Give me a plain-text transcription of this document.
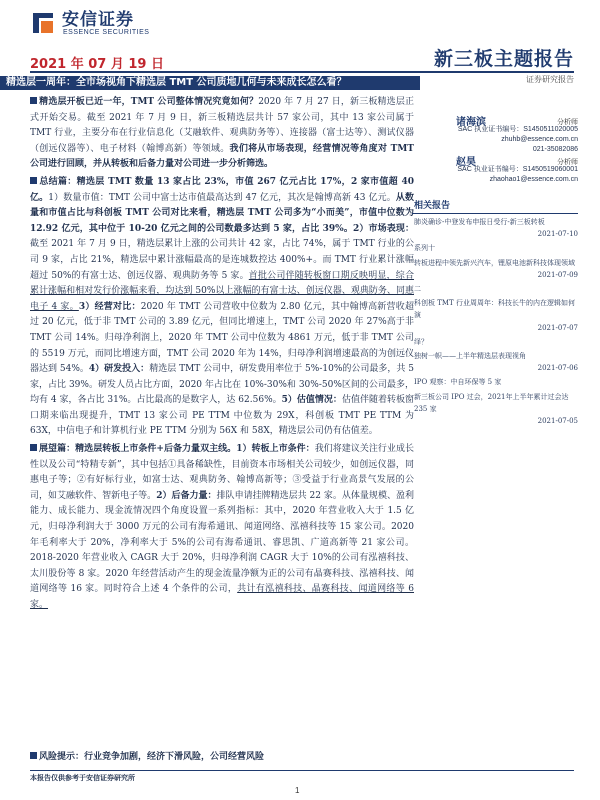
安信证券
ESSENCE SECURITIES
2021 年 07 月 19 日	新三板主题报告
证券研究报告
精选层一周年：全市场视角下精选层 TMT 公司质地几何与未来成长怎么看？

精选层开板已近一年，TMT 公司整体情况究竟如何？2020 年 7 月 27 日，新三板精选层正式开始交易。截至 2021 年 7 月 9 日，新三板精选层共计 57 家公司，其中 13 家公司属于 TMT 行业，主要分布在行业信息化（艾融软件、观典防务等）、连接器（富士达等）、测试仪器（创远仪器等）、电子材料（翰博高新）等领域。我们将从市场表现，经营情况等角度对 TMT 公司进行回顾，并从转板和后备力量对公司进一步分析筛选。

总结篇：精选层 TMT 数量 13 家占比 23%，市值 267 亿元占比 17%，2 家市值超 40 亿。1）数量市值：TMT 公司中富士达市值最高达到 47 亿元，其次是翰博高新 43 亿元。从数量和市值占比与科创板 TMT 公司对比来看，精选层 TMT 公司多为“小而美”，市值中位数为 12.92 亿元，其中位于 10-20 亿元之间的公司数最多达到 5 家，占比 39%。2）市场表现：截至 2021 年 7 月 9 日，精选层累计上涨的公司共计 42 家，占比 74%，属于 TMT 行业的公司 9 家，占比 21%，精选层中累计涨幅最高的是连城数控达 400%+。而 TMT 行业累计涨幅超过 50%的有富士达、创远仪器、观典防务等 5 家。首批公司伴随转板窗口期反映明显，综合累计涨幅和相对发行价涨幅来看，均达到 50%以上涨幅的有富士达、创远仪器、观典防务、同惠电子 4 家。3）经营对比：2020 年 TMT 公司营收中位数为 2.80 亿元，其中翰博高新营收超过 20 亿元，低于非 TMT 公司的 3.89 亿元，但同比增速上，TMT 公司 2020 年 27%高于非 TMT 公司 14%。归母净利润上，2020 年 TMT 公司中位数为 4861 万元，低于非 TMT 公司的 5519 万元，而同比增速方面，TMT 公司 2020 年为 14%，归母净利润增速最高的为创远仪器达到 54%。4）研发投入：精选层 TMT 公司中，研发费用率位于 5%-10%的公司最多，共 5 家，占比 39%。研发人员占比方面，2020 年占比在 10%-30%和 30%-50%区间的公司最多，均有 4 家，各占比 31%。占比最高的是数字人，达 62.56%。5）估值情况：估值伴随着转板窗口期来临出现提升，TMT 13 家公司 PE TTM 中位数为 29X，科创板 TMT PE TTM 为 63X，中信电子和计算机行业 PE TTM 分别为 56X 和 58X，精选层公司仍有估值差。

展望篇：精选层转板上市条件+后备力量双主线。1）转板上市条件：我们将建议关注行业成长性以及公司“特精专新”，其中包括①具备稀缺性，目前资本市场相关公司较少，如创远仪器，同惠电子等；②有好标行业，如富士达、观典防务、翰博高新等；③受益于行业高景气发展的公司，如艾融软件、智新电子等。2）后备力量：排队申请挂牌精选层共 22 家。从体量规模、盈利能力、成长能力、现金流情况四个角度设置一系列指标：其中，2020 年营业收入大于 1.5 亿元，归母净利润大于 3000 万元的公司有海希通讯、闻道网络、泓禧科技等 15 家公司。2020 年毛利率大于 20%，净利率大于 5%的公司有海希通讯、睿思凯、广道高新等 21 家公司。2018-2020 年营业收入 CAGR 大于 20%，归母净利润 CAGR 大于 10%的公司有泓禧科技、太川股份等 8 家。2020 年经营活动产生的现金流量净额为正的公司有晶赛科技、泓禧科技、闻道网络等 16 家。同时符合上述 4 个条件的公司，共计有泓禧科技、晶赛科技、闻道网络等 6 家。

风险提示：行业竞争加剧，经济下滑风险，公司经营风险
本报告仅供参考于安信证券研究所
1
诸海滨	分析师
SAC 执业证书编号：S1450511020005
zhuhb@essence.com.cn
021-35082086
赵昊	分析师
SAC 执业证书编号：S1450519060001
zhaohao1@essence.com.cn
相关报告
肺炎确诊-中登发布申报日受行-新三板转板
2021-07-10
系列十
转板进程中领先新兴汽车，锂原电池新科技体现领域
2021-07-09
二
科创板 TMT 行业周周年：科技长牛的内在逻辑如何演
2021-07-07
绎？
独树一帜——上半年精选层表现视角
2021-07-06
IPO 观察：中自环保等 5 家
新三板公司 IPO 过会，2021年上半年累计过会达 235 家
2021-07-05
